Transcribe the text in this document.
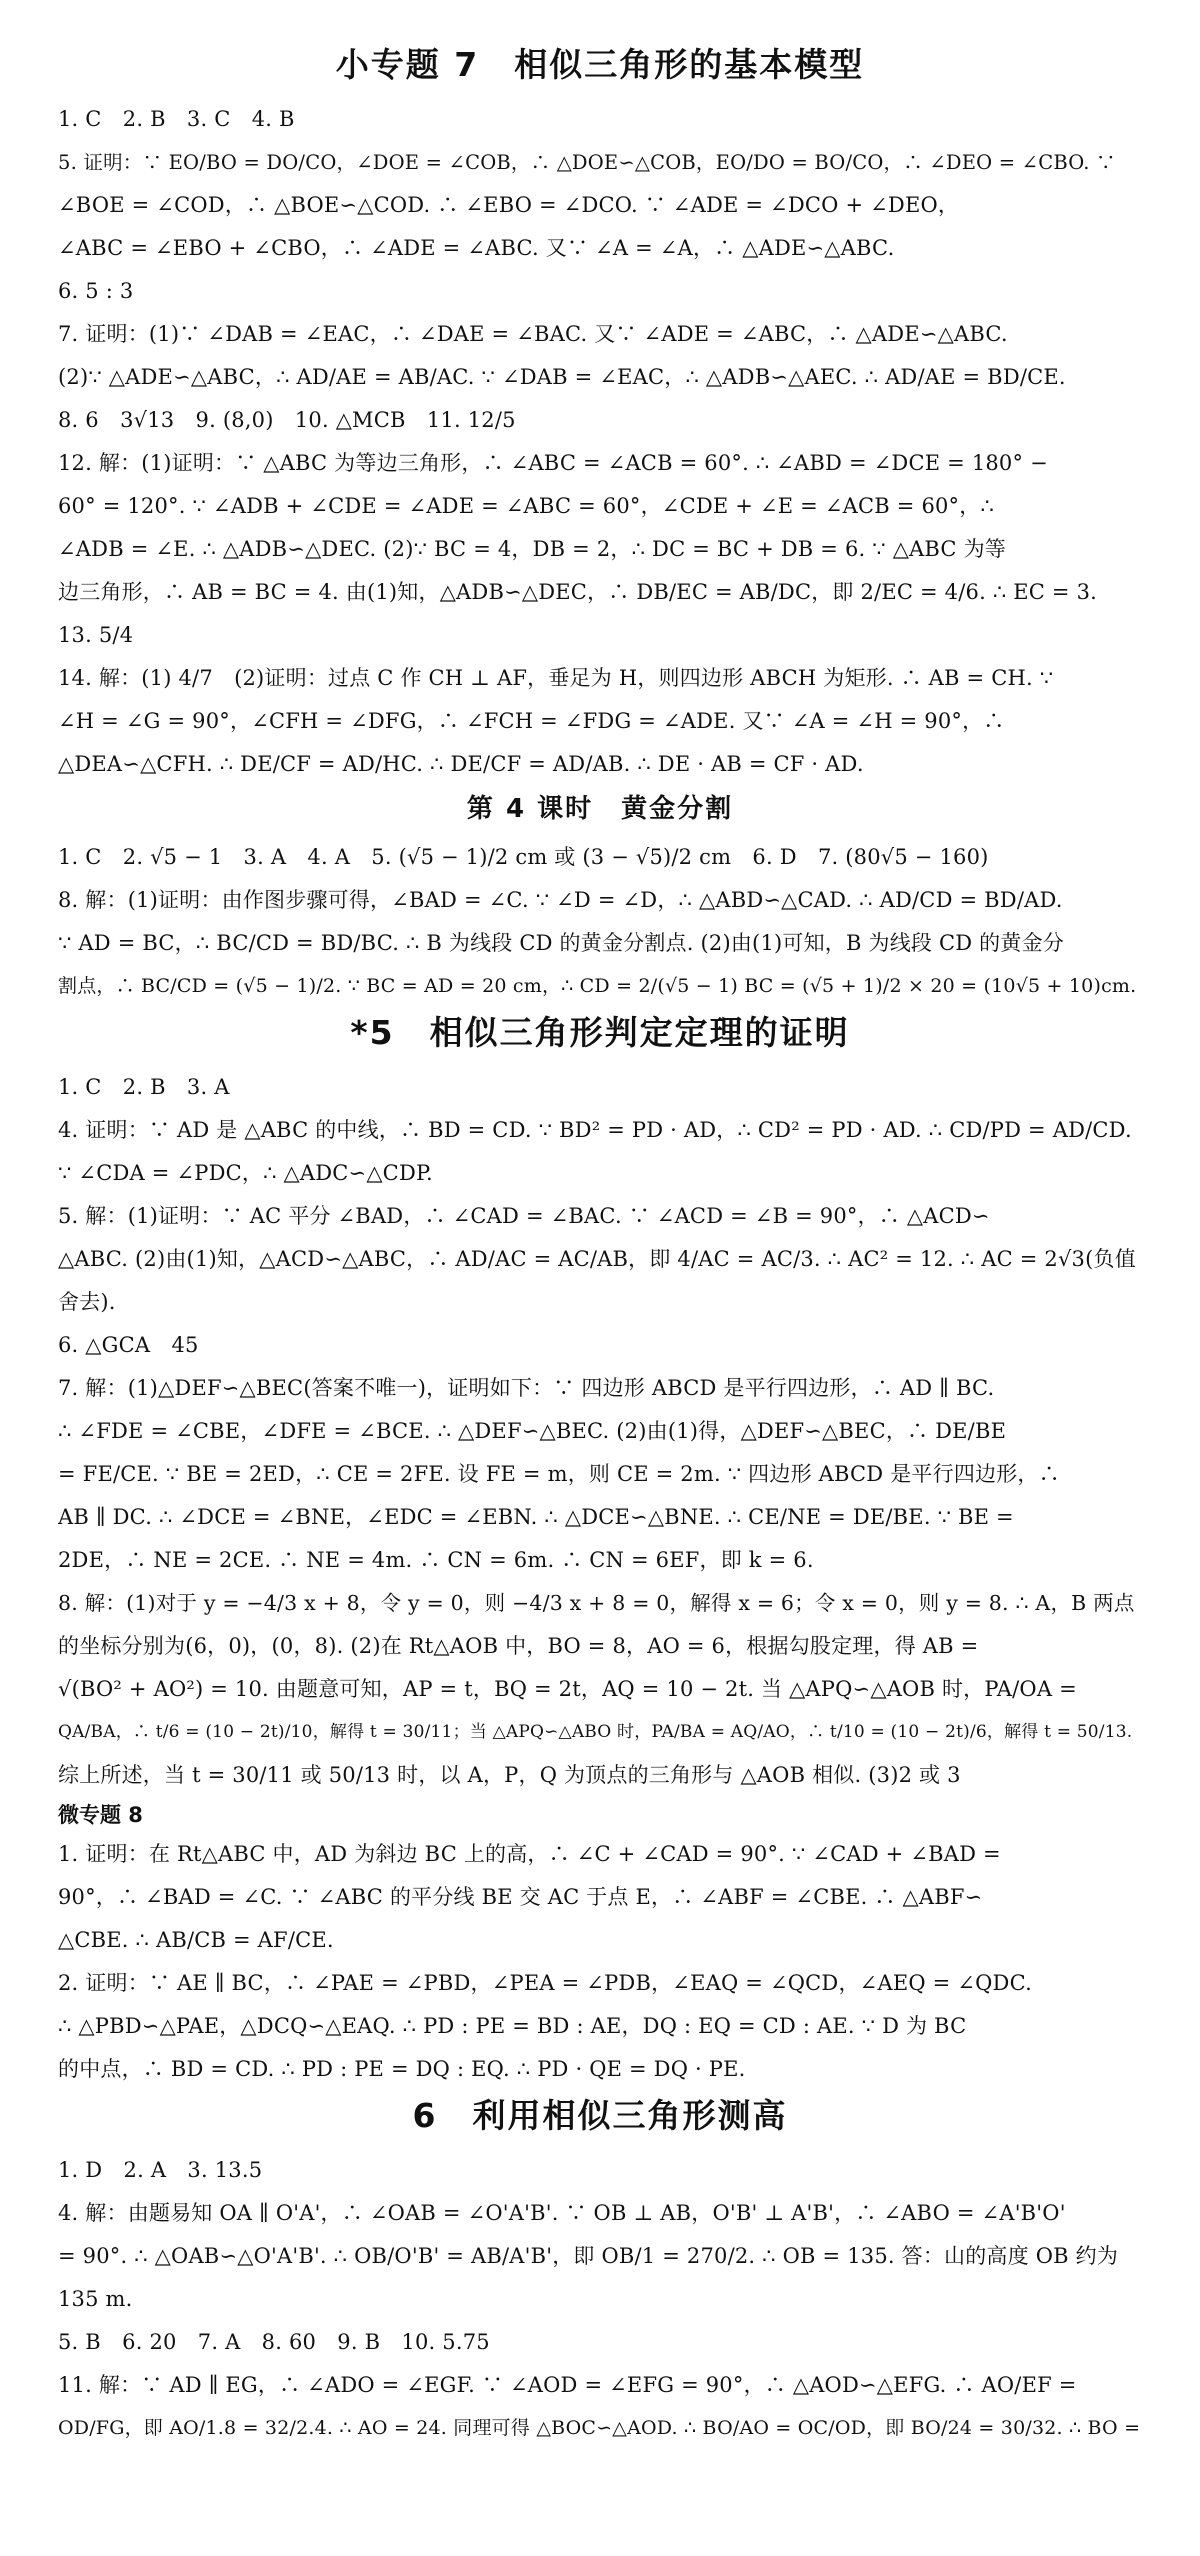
小专题 7　相似三角形的基本模型
1. C　2. B　3. C　4. B
5. 证明：∵ EO/BO = DO/CO，∠DOE = ∠COB，∴ △DOE∽△COB，EO/DO = BO/CO，∴ ∠DEO = ∠CBO. ∵
∠BOE = ∠COD，∴ △BOE∽△COD. ∴ ∠EBO = ∠DCO. ∵ ∠ADE = ∠DCO + ∠DEO，
∠ABC = ∠EBO + ∠CBO，∴ ∠ADE = ∠ABC. 又∵ ∠A = ∠A，∴ △ADE∽△ABC.
6. 5 : 3
7. 证明：(1)∵ ∠DAB = ∠EAC，∴ ∠DAE = ∠BAC. 又∵ ∠ADE = ∠ABC，∴ △ADE∽△ABC.
(2)∵ △ADE∽△ABC，∴ AD/AE = AB/AC. ∵ ∠DAB = ∠EAC，∴ △ADB∽△AEC. ∴ AD/AE = BD/CE.
8. 6　3√13　9. (8,0)　10. △MCB　11. 12/5
12. 解：(1)证明：∵ △ABC 为等边三角形，∴ ∠ABC = ∠ACB = 60°. ∴ ∠ABD = ∠DCE = 180° −
60° = 120°. ∵ ∠ADB + ∠CDE = ∠ADE = ∠ABC = 60°，∠CDE + ∠E = ∠ACB = 60°，∴
∠ADB = ∠E. ∴ △ADB∽△DEC. (2)∵ BC = 4，DB = 2，∴ DC = BC + DB = 6. ∵ △ABC 为等
边三角形，∴ AB = BC = 4. 由(1)知，△ADB∽△DEC，∴ DB/EC = AB/DC，即 2/EC = 4/6. ∴ EC = 3.
13. 5/4
14. 解：(1) 4/7　(2)证明：过点 C 作 CH ⊥ AF，垂足为 H，则四边形 ABCH 为矩形. ∴ AB = CH. ∵
∠H = ∠G = 90°，∠CFH = ∠DFG，∴ ∠FCH = ∠FDG = ∠ADE. 又∵ ∠A = ∠H = 90°，∴
△DEA∽△CFH. ∴ DE/CF = AD/HC. ∴ DE/CF = AD/AB. ∴ DE · AB = CF · AD.
第 4 课时　黄金分割
1. C　2. √5 − 1　3. A　4. A　5. (√5 − 1)/2 cm 或 (3 − √5)/2 cm　6. D　7. (80√5 − 160)
8. 解：(1)证明：由作图步骤可得，∠BAD = ∠C. ∵ ∠D = ∠D，∴ △ABD∽△CAD. ∴ AD/CD = BD/AD.
∵ AD = BC，∴ BC/CD = BD/BC. ∴ B 为线段 CD 的黄金分割点. (2)由(1)可知，B 为线段 CD 的黄金分
割点，∴ BC/CD = (√5 − 1)/2. ∵ BC = AD = 20 cm，∴ CD = 2/(√5 − 1) BC = (√5 + 1)/2 × 20 = (10√5 + 10)cm.
*5　相似三角形判定定理的证明
1. C　2. B　3. A
4. 证明：∵ AD 是 △ABC 的中线，∴ BD = CD. ∵ BD² = PD · AD，∴ CD² = PD · AD. ∴ CD/PD = AD/CD.
∵ ∠CDA = ∠PDC，∴ △ADC∽△CDP.
5. 解：(1)证明：∵ AC 平分 ∠BAD，∴ ∠CAD = ∠BAC. ∵ ∠ACD = ∠B = 90°，∴ △ACD∽
△ABC. (2)由(1)知，△ACD∽△ABC，∴ AD/AC = AC/AB，即 4/AC = AC/3. ∴ AC² = 12. ∴ AC = 2√3(负值
舍去).
6. △GCA　45
7. 解：(1)△DEF∽△BEC(答案不唯一)，证明如下：∵ 四边形 ABCD 是平行四边形，∴ AD ∥ BC.
∴ ∠FDE = ∠CBE，∠DFE = ∠BCE. ∴ △DEF∽△BEC. (2)由(1)得，△DEF∽△BEC，∴ DE/BE
= FE/CE. ∵ BE = 2ED，∴ CE = 2FE. 设 FE = m，则 CE = 2m. ∵ 四边形 ABCD 是平行四边形，∴
AB ∥ DC. ∴ ∠DCE = ∠BNE，∠EDC = ∠EBN. ∴ △DCE∽△BNE. ∴ CE/NE = DE/BE. ∵ BE =
2DE，∴ NE = 2CE. ∴ NE = 4m. ∴ CN = 6m. ∴ CN = 6EF，即 k = 6.
8. 解：(1)对于 y = −4/3 x + 8，令 y = 0，则 −4/3 x + 8 = 0，解得 x = 6；令 x = 0，则 y = 8. ∴ A，B 两点
的坐标分别为(6，0)，(0，8). (2)在 Rt△AOB 中，BO = 8，AO = 6，根据勾股定理，得 AB =
√(BO² + AO²) = 10. 由题意可知，AP = t，BQ = 2t，AQ = 10 − 2t. 当 △APQ∽△AOB 时，PA/OA =
QA/BA，∴ t/6 = (10 − 2t)/10，解得 t = 30/11；当 △APQ∽△ABO 时，PA/BA = AQ/AO，∴ t/10 = (10 − 2t)/6，解得 t = 50/13.
综上所述，当 t = 30/11 或 50/13 时，以 A，P，Q 为顶点的三角形与 △AOB 相似. (3)2 或 3
微专题 8
1. 证明：在 Rt△ABC 中，AD 为斜边 BC 上的高，∴ ∠C + ∠CAD = 90°. ∵ ∠CAD + ∠BAD =
90°，∴ ∠BAD = ∠C. ∵ ∠ABC 的平分线 BE 交 AC 于点 E，∴ ∠ABF = ∠CBE. ∴ △ABF∽
△CBE. ∴ AB/CB = AF/CE.
2. 证明：∵ AE ∥ BC，∴ ∠PAE = ∠PBD，∠PEA = ∠PDB，∠EAQ = ∠QCD，∠AEQ = ∠QDC.
∴ △PBD∽△PAE，△DCQ∽△EAQ. ∴ PD : PE = BD : AE，DQ : EQ = CD : AE. ∵ D 为 BC
的中点，∴ BD = CD. ∴ PD : PE = DQ : EQ. ∴ PD · QE = DQ · PE.
6　利用相似三角形测高
1. D　2. A　3. 13.5
4. 解：由题易知 OA ∥ O'A'，∴ ∠OAB = ∠O'A'B'. ∵ OB ⊥ AB，O'B' ⊥ A'B'，∴ ∠ABO = ∠A'B'O'
= 90°. ∴ △OAB∽△O'A'B'. ∴ OB/O'B' = AB/A'B'，即 OB/1 = 270/2. ∴ OB = 135. 答：山的高度 OB 约为
135 m.
5. B　6. 20　7. A　8. 60　9. B　10. 5.75
11. 解：∵ AD ∥ EG，∴ ∠ADO = ∠EGF. ∵ ∠AOD = ∠EFG = 90°，∴ △AOD∽△EFG. ∴ AO/EF =
OD/FG，即 AO/1.8 = 32/2.4. ∴ AO = 24. 同理可得 △BOC∽△AOD. ∴ BO/AO = OC/OD，即 BO/24 = 30/32. ∴ BO =
